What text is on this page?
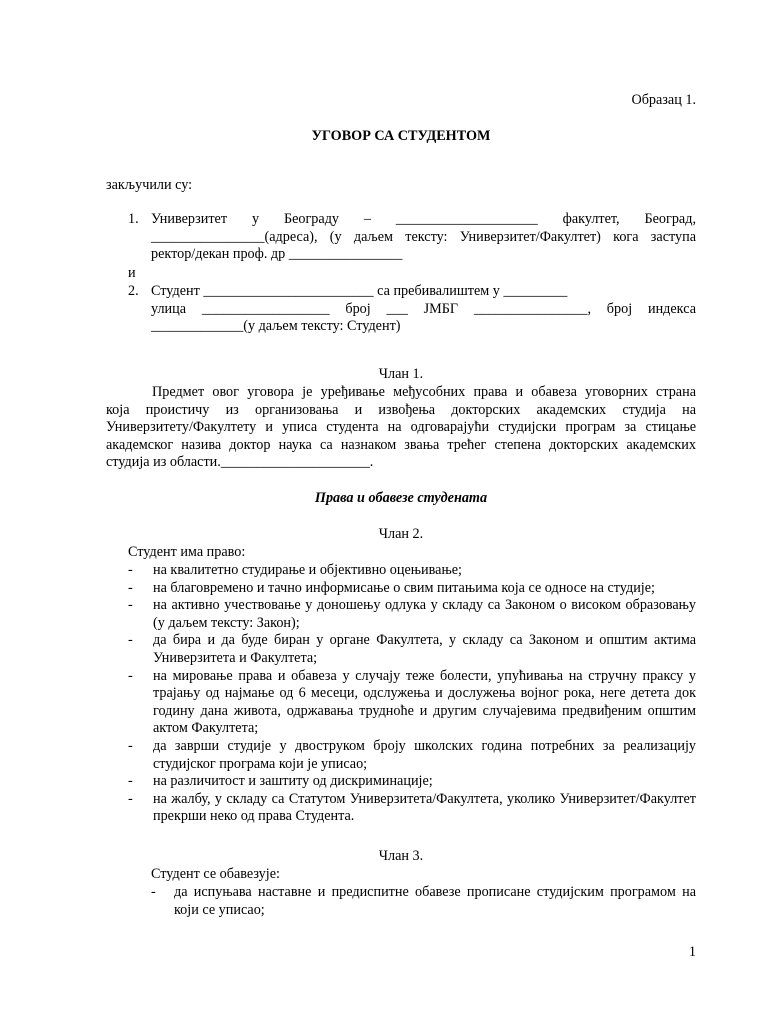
Образац 1.
УГОВОР СА СТУДЕНТОМ
закључили су:
1. Универзитет у Београду – ____________________ факултет, Београд,
________________(адреса), (у даљем тексту: Универзитет/Факултет) кога заступа
ректор/декан проф. др ________________
и
2. Студент ________________________ са пребивалиштем у _________
улица __________________ број ___ ЈМБГ ________________, број индекса
_____________(у даљем тексту: Студент)
Члан 1.
Предмет овог уговора је уређивање међусобних права и обавеза уговорних страна
која проистичу из организовања и извођења докторских академских студија на
Универзитету/Факултету и уписа студента на одговарајући студијски програм за стицање
академског назива доктор наука са назнаком звања трећег степена докторских академских
студија из области._____________________.
Права и обавезе студената
Члан 2.
Студент има право:
- на квалитетно студирање и објективно оцењивање;
- на благовремено и тачно информисање о свим питањима која се односе на студије;
- на активно учествовање у доношењу одлука у складу са Законом о високом образовању (у даљем тексту: Закон);
- да бира и да буде биран у органе Факултета, у складу са Законом и општим актима Универзитета и Факултета;
- на мировање права и обавеза у случају теже болести, упућивања на стручну праксу у трајању од најмање од 6 месеци, одслужења и дослужења војног рока, неге детета док годину дана живота, одржавања трудноће и другим случајевима предвиђеним општим актом Факултета;
- да заврши студије у двоструком броју школских година потребних за реализацију студијског програма који је уписао;
- на различитост и заштиту од дискриминације;
- на жалбу, у складу са Статутом Универзитета/Факултета, уколико Универзитет/Факултет прекрши неко од права Студента.
Члан 3.
Студент се обавезује:
- да испуњава наставне и предиспитне обавезе прописане студијским програмом на који се уписао;
1
